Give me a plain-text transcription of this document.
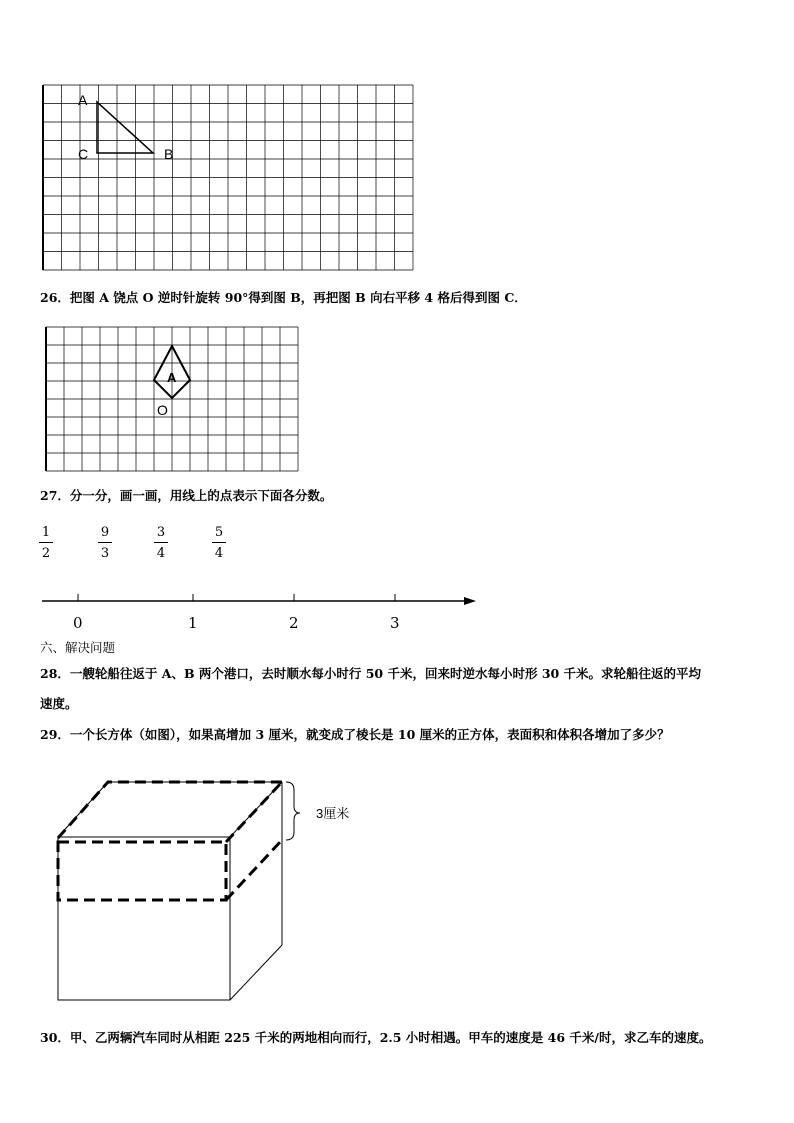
A
C	B
26．把图 A 饶点 O 逆时针旋转 90°得到图 B，再把图 B 向右平移 4 格后得到图 C．
A
O
27．分一分，画一画，用线上的点表示下面各分数。
1
2
9
3
3
4
5
4
0	1	2	3
六、解决问题
28．一艘轮船往返于 A、B 两个港口，去时顺水每小时行 50 千米，回来时逆水每小时形 30 千米。求轮船往返的平均
速度。
29．一个长方体（如图），如果高增加 3 厘米，就变成了棱长是 10 厘米的正方体，表面积和体积各增加了多少？
3厘米
30．甲、乙两辆汽车同时从相距 225 千米的两地相向而行，2.5 小时相遇。甲车的速度是 46 千米/时，求乙车的速度。
